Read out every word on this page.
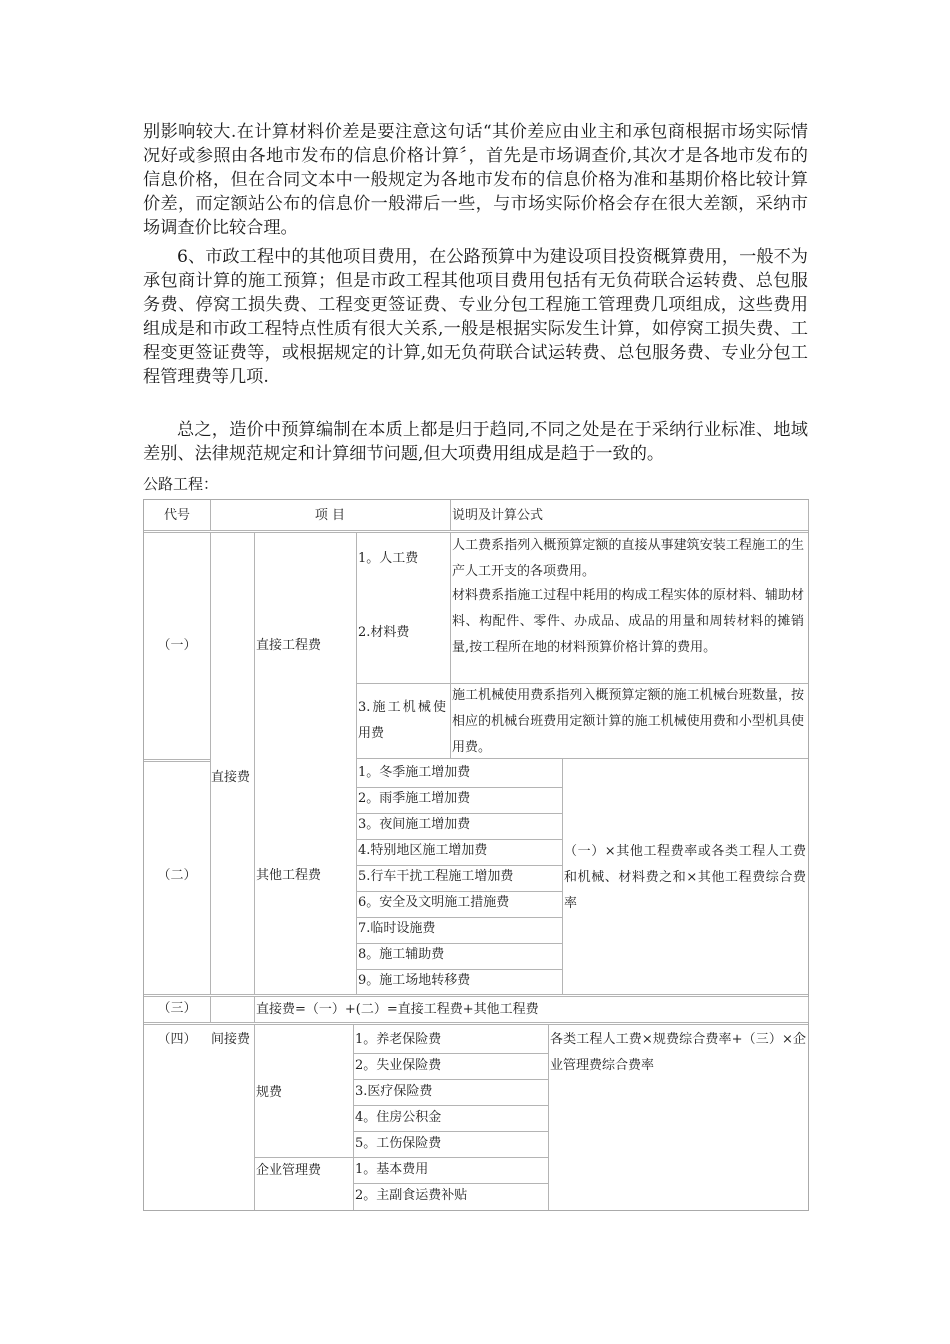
别影响较大.在计算材料价差是要注意这句话“其价差应由业主和承包商根据市场实际情况好或参照由各地市发布的信息价格计算〞，首先是市场调查价,其次才是各地市发布的信息价格，但在合同文本中一般规定为各地市发布的信息价格为准和基期价格比较计算价差，而定额站公布的信息价一般滞后一些，与市场实际价格会存在很大差额，采纳市场调查价比较合理。
6、市政工程中的其他项目费用，在公路预算中为建设项目投资概算费用，一般不为承包商计算的施工预算；但是市政工程其他项目费用包括有无负荷联合运转费、总包服务费、停窝工损失费、工程变更签证费、专业分包工程施工管理费几项组成，这些费用组成是和市政工程特点性质有很大关系,一般是根据实际发生计算，如停窝工损失费、工程变更签证费等，或根据规定的计算,如无负荷联合试运转费、总包服务费、专业分包工程管理费等几项.
总之，造价中预算编制在本质上都是归于趋同,不同之处是在于采纳行业标准、地域差别、法律规范规定和计算细节问题,但大项费用组成是趋于一致的。
公路工程：
代号	项 目	说明及计算公式
（一）
（二）
（三）
（四）
直接费
间接费
直接工程费
其他工程费
规费
企业管理费
1。人工费
2.材料费
3.施工机械使用费
人工费系指列入概预算定额的直接从事建筑安装工程施工的生产人工开支的各项费用。
材料费系指施工过程中耗用的构成工程实体的原材料、辅助材料、构配件、零件、办成品、成品的用量和周转材料的摊销量,按工程所在地的材料预算价格计算的费用。
施工机械使用费系指列入概预算定额的施工机械台班数量，按相应的机械台班费用定额计算的施工机械使用费和小型机具使用费。
1。冬季施工增加费
2。雨季施工增加费
3。夜间施工增加费
4.特别地区施工增加费
5.行车干扰工程施工增加费
6。安全及文明施工措施费
7.临时设施费
8。施工辅助费
9。施工场地转移费
（一）×其他工程费率或各类工程人工费和机械、材料费之和×其他工程费综合费率
直接费=（一）+(二）=直接工程费+其他工程费
1。养老保险费
2。失业保险费
3.医疗保险费
4。住房公积金
5。工伤保险费
1。基本费用
2。主副食运费补贴
各类工程人工费×规费综合费率+（三）×企业管理费综合费率
